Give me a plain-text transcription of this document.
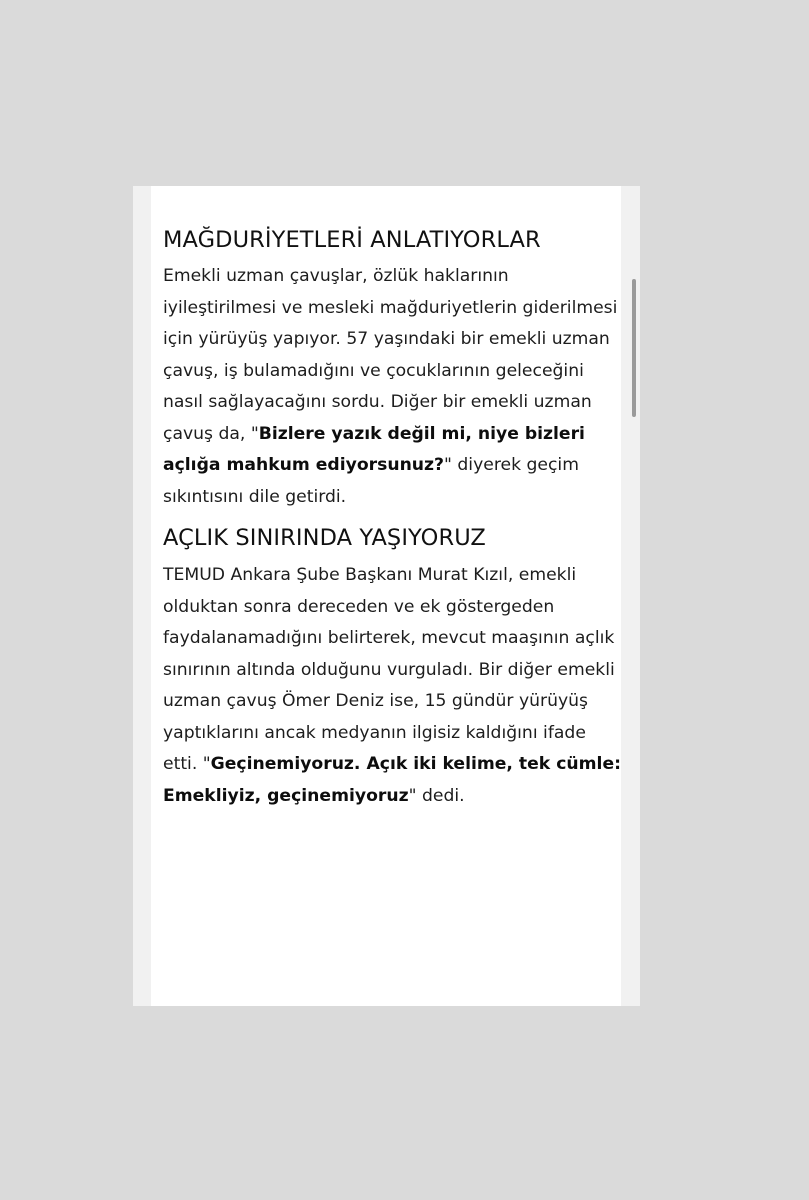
MAĞDURİYETLERİ ANLATIYORLAR

Emekli uzman çavuşlar, özlük haklarının iyileştirilmesi ve mesleki mağduriyetlerin giderilmesi için yürüyüş yapıyor. 57 yaşındaki bir emekli uzman çavuş, iş bulamadığını ve çocuklarının geleceğini nasıl sağlayacağını sordu. Diğer bir emekli uzman çavuş da, "Bizlere yazık değil mi, niye bizleri açlığa mahkum ediyorsunuz?" diyerek geçim sıkıntısını dile getirdi.

AÇLIK SINIRINDA YAŞIYORUZ

TEMUD Ankara Şube Başkanı Murat Kızıl, emekli olduktan sonra dereceden ve ek göstergeden faydalanamadığını belirterek, mevcut maaşının açlık sınırının altında olduğunu vurguladı. Bir diğer emekli uzman çavuş Ömer Deniz ise, 15 gündür yürüyüş yaptıklarını ancak medyanın ilgisiz kaldığını ifade etti. "Geçinemiyoruz. Açık iki kelime, tek cümle: Emekliyiz, geçinemiyoruz" dedi.
